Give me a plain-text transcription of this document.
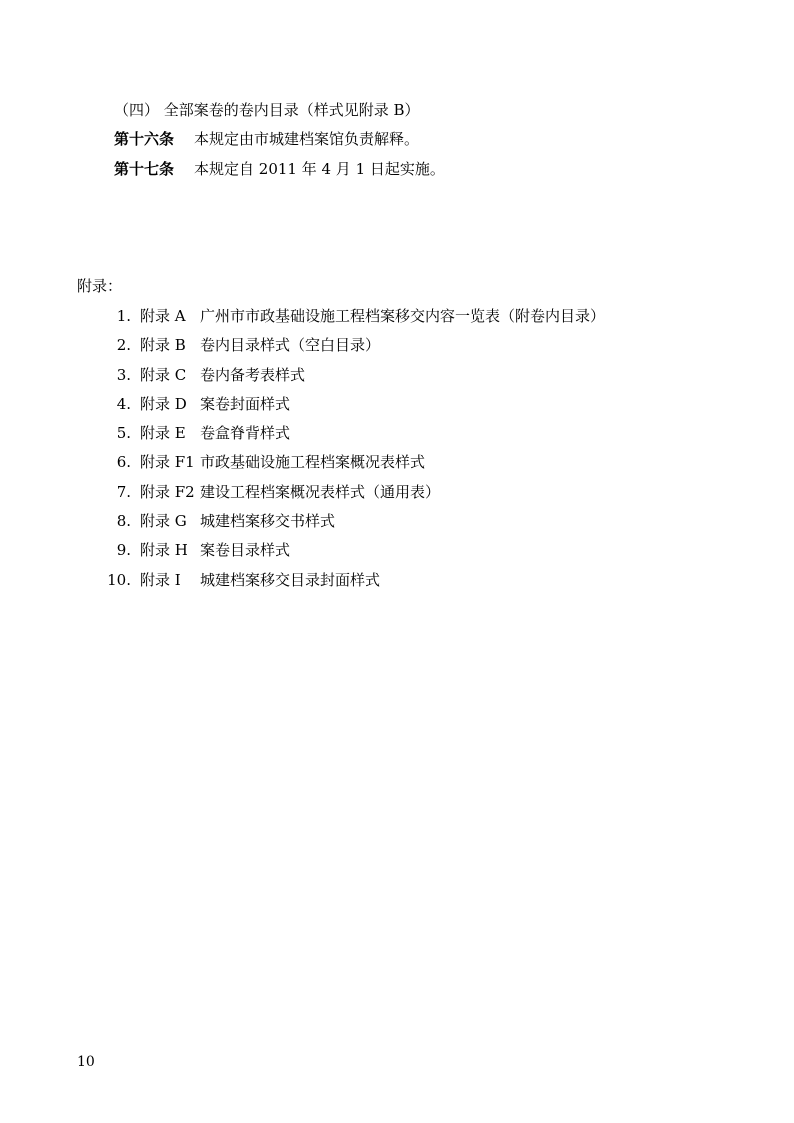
（四） 全部案卷的卷内目录（样式见附录 B）
第十六条 本规定由市城建档案馆负责解释。
第十七条 本规定自 2011 年 4 月 1 日起实施。
附录：
1. 附录 A 广州市市政基础设施工程档案移交内容一览表（附卷内目录）
2. 附录 B 卷内目录样式（空白目录）
3. 附录 C 卷内备考表样式
4. 附录 D 案卷封面样式
5. 附录 E 卷盒脊背样式
6. 附录 F1 市政基础设施工程档案概况表样式
7. 附录 F2 建设工程档案概况表样式（通用表）
8. 附录 G 城建档案移交书样式
9. 附录 H 案卷目录样式
10. 附录 I 城建档案移交目录封面样式
10
